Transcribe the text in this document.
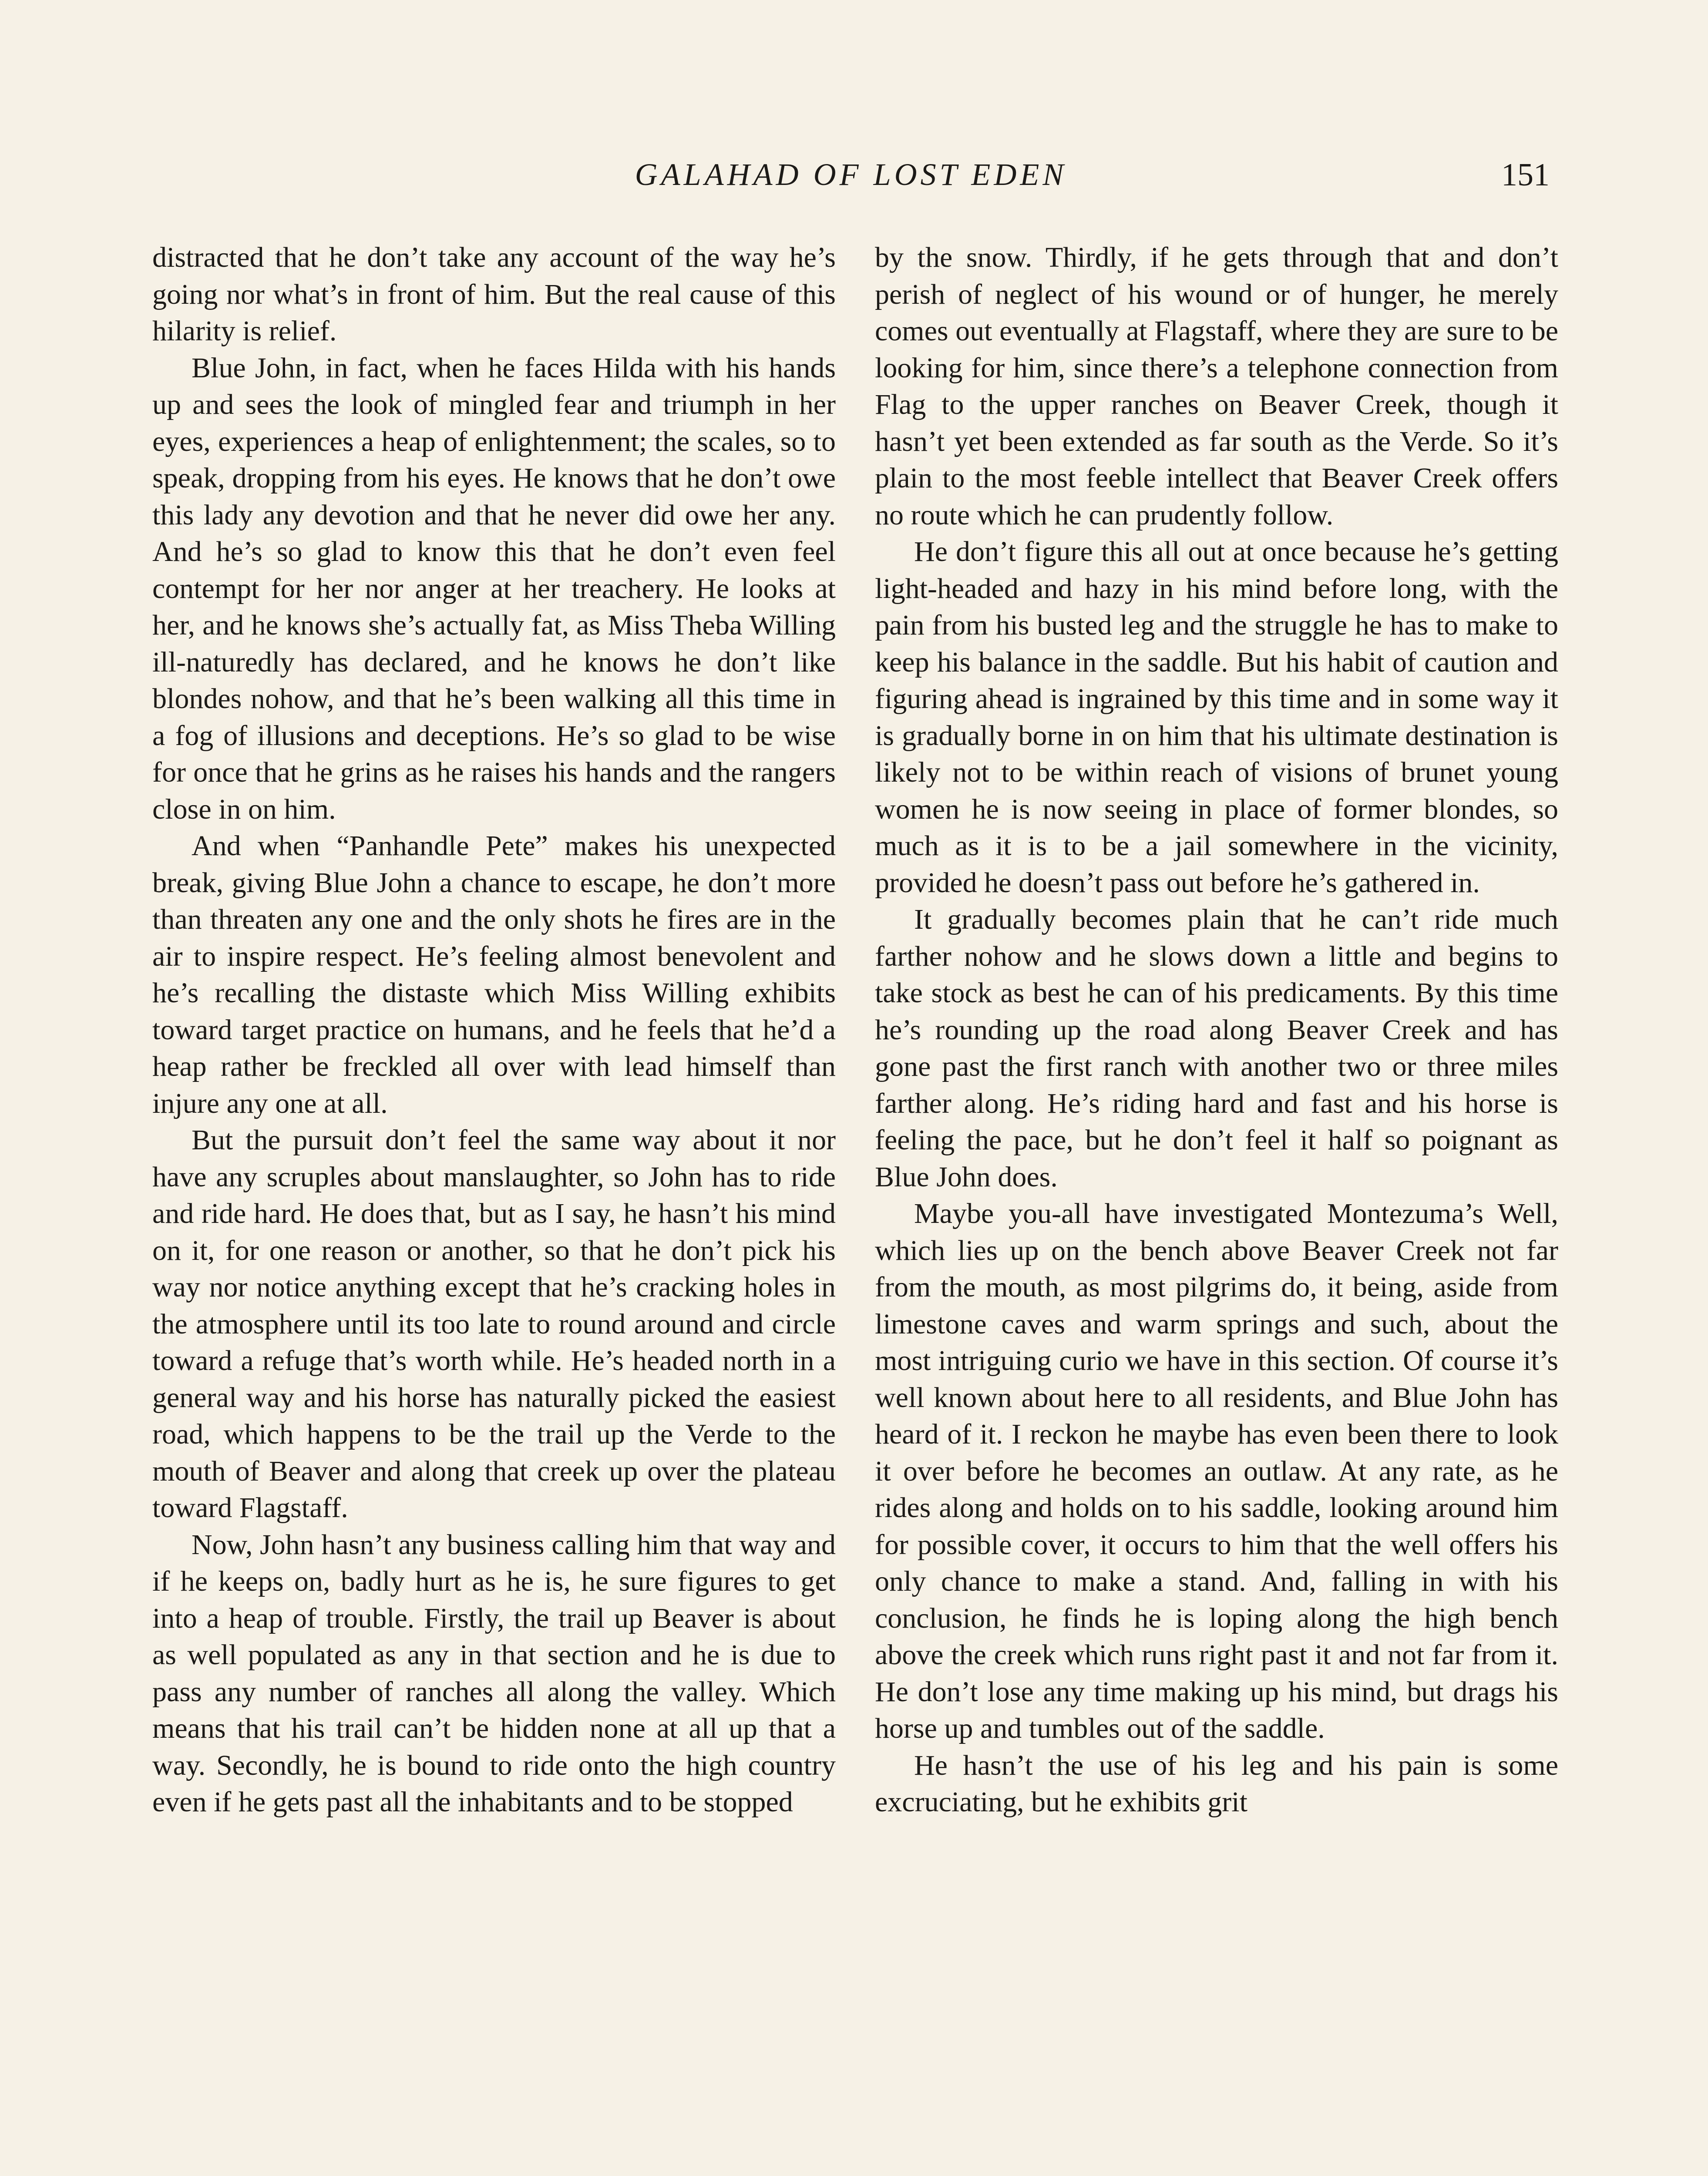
GALAHAD OF LOST EDEN	151

distracted that he don’t take any account of the way he’s going nor what’s in front of him. But the real cause of this hilarity is relief.

Blue John, in fact, when he faces Hilda with his hands up and sees the look of mingled fear and triumph in her eyes, experiences a heap of enlightenment; the scales, so to speak, dropping from his eyes. He knows that he don’t owe this lady any devotion and that he never did owe her any. And he’s so glad to know this that he don’t even feel contempt for her nor anger at her treachery. He looks at her, and he knows she’s actually fat, as Miss Theba Willing ill-naturedly has declared, and he knows he don’t like blondes nohow, and that he’s been walking all this time in a fog of illusions and deceptions. He’s so glad to be wise for once that he grins as he raises his hands and the rangers close in on him.

And when “Panhandle Pete” makes his unexpected break, giving Blue John a chance to escape, he don’t more than threaten any one and the only shots he fires are in the air to inspire respect. He’s feeling almost benevolent and he’s recalling the distaste which Miss Willing exhibits toward target practice on humans, and he feels that he’d a heap rather be freckled all over with lead himself than injure any one at all.

But the pursuit don’t feel the same way about it nor have any scruples about manslaughter, so John has to ride and ride hard. He does that, but as I say, he hasn’t his mind on it, for one reason or another, so that he don’t pick his way nor notice anything except that he’s cracking holes in the atmosphere until its too late to round around and circle toward a refuge that’s worth while. He’s headed north in a general way and his horse has naturally picked the easiest road, which happens to be the trail up the Verde to the mouth of Beaver and along that creek up over the plateau toward Flagstaff.

Now, John hasn’t any business calling him that way and if he keeps on, badly hurt as he is, he sure figures to get into a heap of trouble. Firstly, the trail up Beaver is about as well populated as any in that section and he is due to pass any number of ranches all along the valley. Which means that his trail can’t be hidden none at all up that a way. Secondly, he is bound to ride onto the high country even if he gets past all the inhabitants and to be stopped

by the snow. Thirdly, if he gets through that and don’t perish of neglect of his wound or of hunger, he merely comes out eventually at Flagstaff, where they are sure to be looking for him, since there’s a telephone connection from Flag to the upper ranches on Beaver Creek, though it hasn’t yet been extended as far south as the Verde. So it’s plain to the most feeble intellect that Beaver Creek offers no route which he can prudently follow.

He don’t figure this all out at once because he’s getting light-headed and hazy in his mind before long, with the pain from his busted leg and the struggle he has to make to keep his balance in the saddle. But his habit of caution and figuring ahead is ingrained by this time and in some way it is gradually borne in on him that his ultimate destination is likely not to be within reach of visions of brunet young women he is now seeing in place of former blondes, so much as it is to be a jail somewhere in the vicinity, provided he doesn’t pass out before he’s gathered in.

It gradually becomes plain that he can’t ride much farther nohow and he slows down a little and begins to take stock as best he can of his predicaments. By this time he’s rounding up the road along Beaver Creek and has gone past the first ranch with another two or three miles farther along. He’s riding hard and fast and his horse is feeling the pace, but he don’t feel it half so poignant as Blue John does.

Maybe you-all have investigated Montezuma’s Well, which lies up on the bench above Beaver Creek not far from the mouth, as most pilgrims do, it being, aside from limestone caves and warm springs and such, about the most intriguing curio we have in this section. Of course it’s well known about here to all residents, and Blue John has heard of it. I reckon he maybe has even been there to look it over before he becomes an outlaw. At any rate, as he rides along and holds on to his saddle, looking around him for possible cover, it occurs to him that the well offers his only chance to make a stand. And, falling in with his conclusion, he finds he is loping along the high bench above the creek which runs right past it and not far from it. He don’t lose any time making up his mind, but drags his horse up and tumbles out of the saddle.

He hasn’t the use of his leg and his pain is some excruciating, but he exhibits grit
